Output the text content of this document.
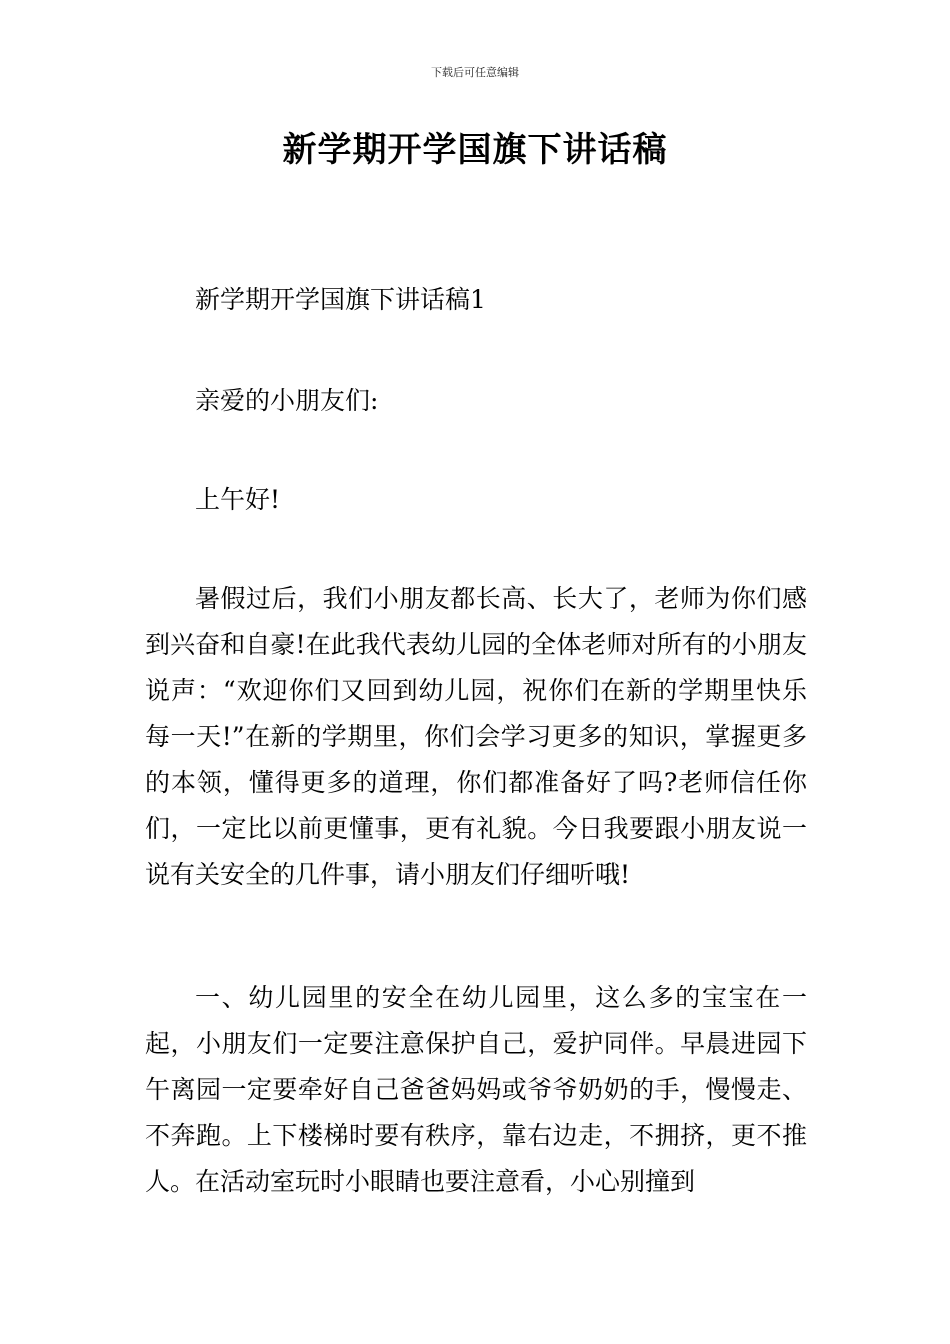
下载后可任意编辑
新学期开学国旗下讲话稿

新学期开学国旗下讲话稿1

亲爱的小朋友们:

上午好!

暑假过后，我们小朋友都长高、长大了，老师为你们感到兴奋和自豪!在此我代表幼儿园的全体老师对所有的小朋友说声：“欢迎你们又回到幼儿园，祝你们在新的学期里快乐每一天!”在新的学期里，你们会学习更多的知识，掌握更多的本领，懂得更多的道理，你们都准备好了吗?老师信任你们，一定比以前更懂事，更有礼貌。今日我要跟小朋友说一说有关安全的几件事，请小朋友们仔细听哦!

一、幼儿园里的安全在幼儿园里，这么多的宝宝在一起，小朋友们一定要注意保护自己，爱护同伴。早晨进园下午离园一定要牵好自己爸爸妈妈或爷爷奶奶的手，慢慢走、不奔跑。上下楼梯时要有秩序，靠右边走，不拥挤，更不推人。在活动室玩时小眼睛也要注意看，小心别撞到
